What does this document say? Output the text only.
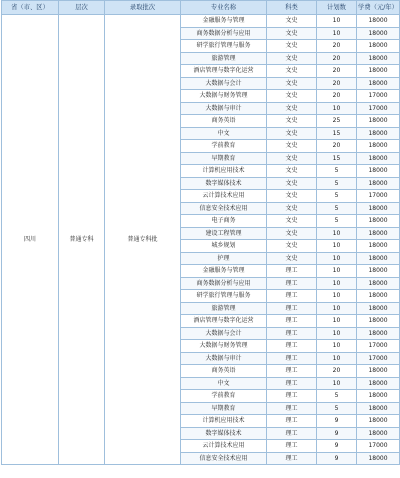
省（市、区）	层次	录取批次	专业名称	科类	计划数	学费（元/年）
四川	普通专科	普通专科批	金融服务与管理	文史	10	18000
			商务数据分析与应用	文史	10	18000
			研学旅行管理与服务	文史	20	18000
			旅游管理	文史	20	18000
			酒店管理与数字化运营	文史	20	18000
			大数据与会计	文史	20	18000
			大数据与财务管理	文史	20	17000
			大数据与审计	文史	10	17000
			商务英语	文史	25	18000
			中文	文史	15	18000
			学前教育	文史	20	18000
			早期教育	文史	15	18000
			计算机应用技术	文史	5	18000
			数字媒体技术	文史	5	18000
			云计算技术应用	文史	5	17000
			信息安全技术应用	文史	5	18000
			电子商务	文史	5	18000
			建设工程管理	文史	10	18000
			城乡规划	文史	10	18000
			护理	文史	10	18000
			金融服务与管理	理工	10	18000
			商务数据分析与应用	理工	10	18000
			研学旅行管理与服务	理工	10	18000
			旅游管理	理工	10	18000
			酒店管理与数字化运营	理工	10	18000
			大数据与会计	理工	10	18000
			大数据与财务管理	理工	10	17000
			大数据与审计	理工	10	17000
			商务英语	理工	20	18000
			中文	理工	10	18000
			学前教育	理工	5	18000
			早期教育	理工	5	18000
			计算机应用技术	理工	9	18000
			数字媒体技术	理工	9	18000
			云计算技术应用	理工	9	17000
			信息安全技术应用	理工	9	18000
